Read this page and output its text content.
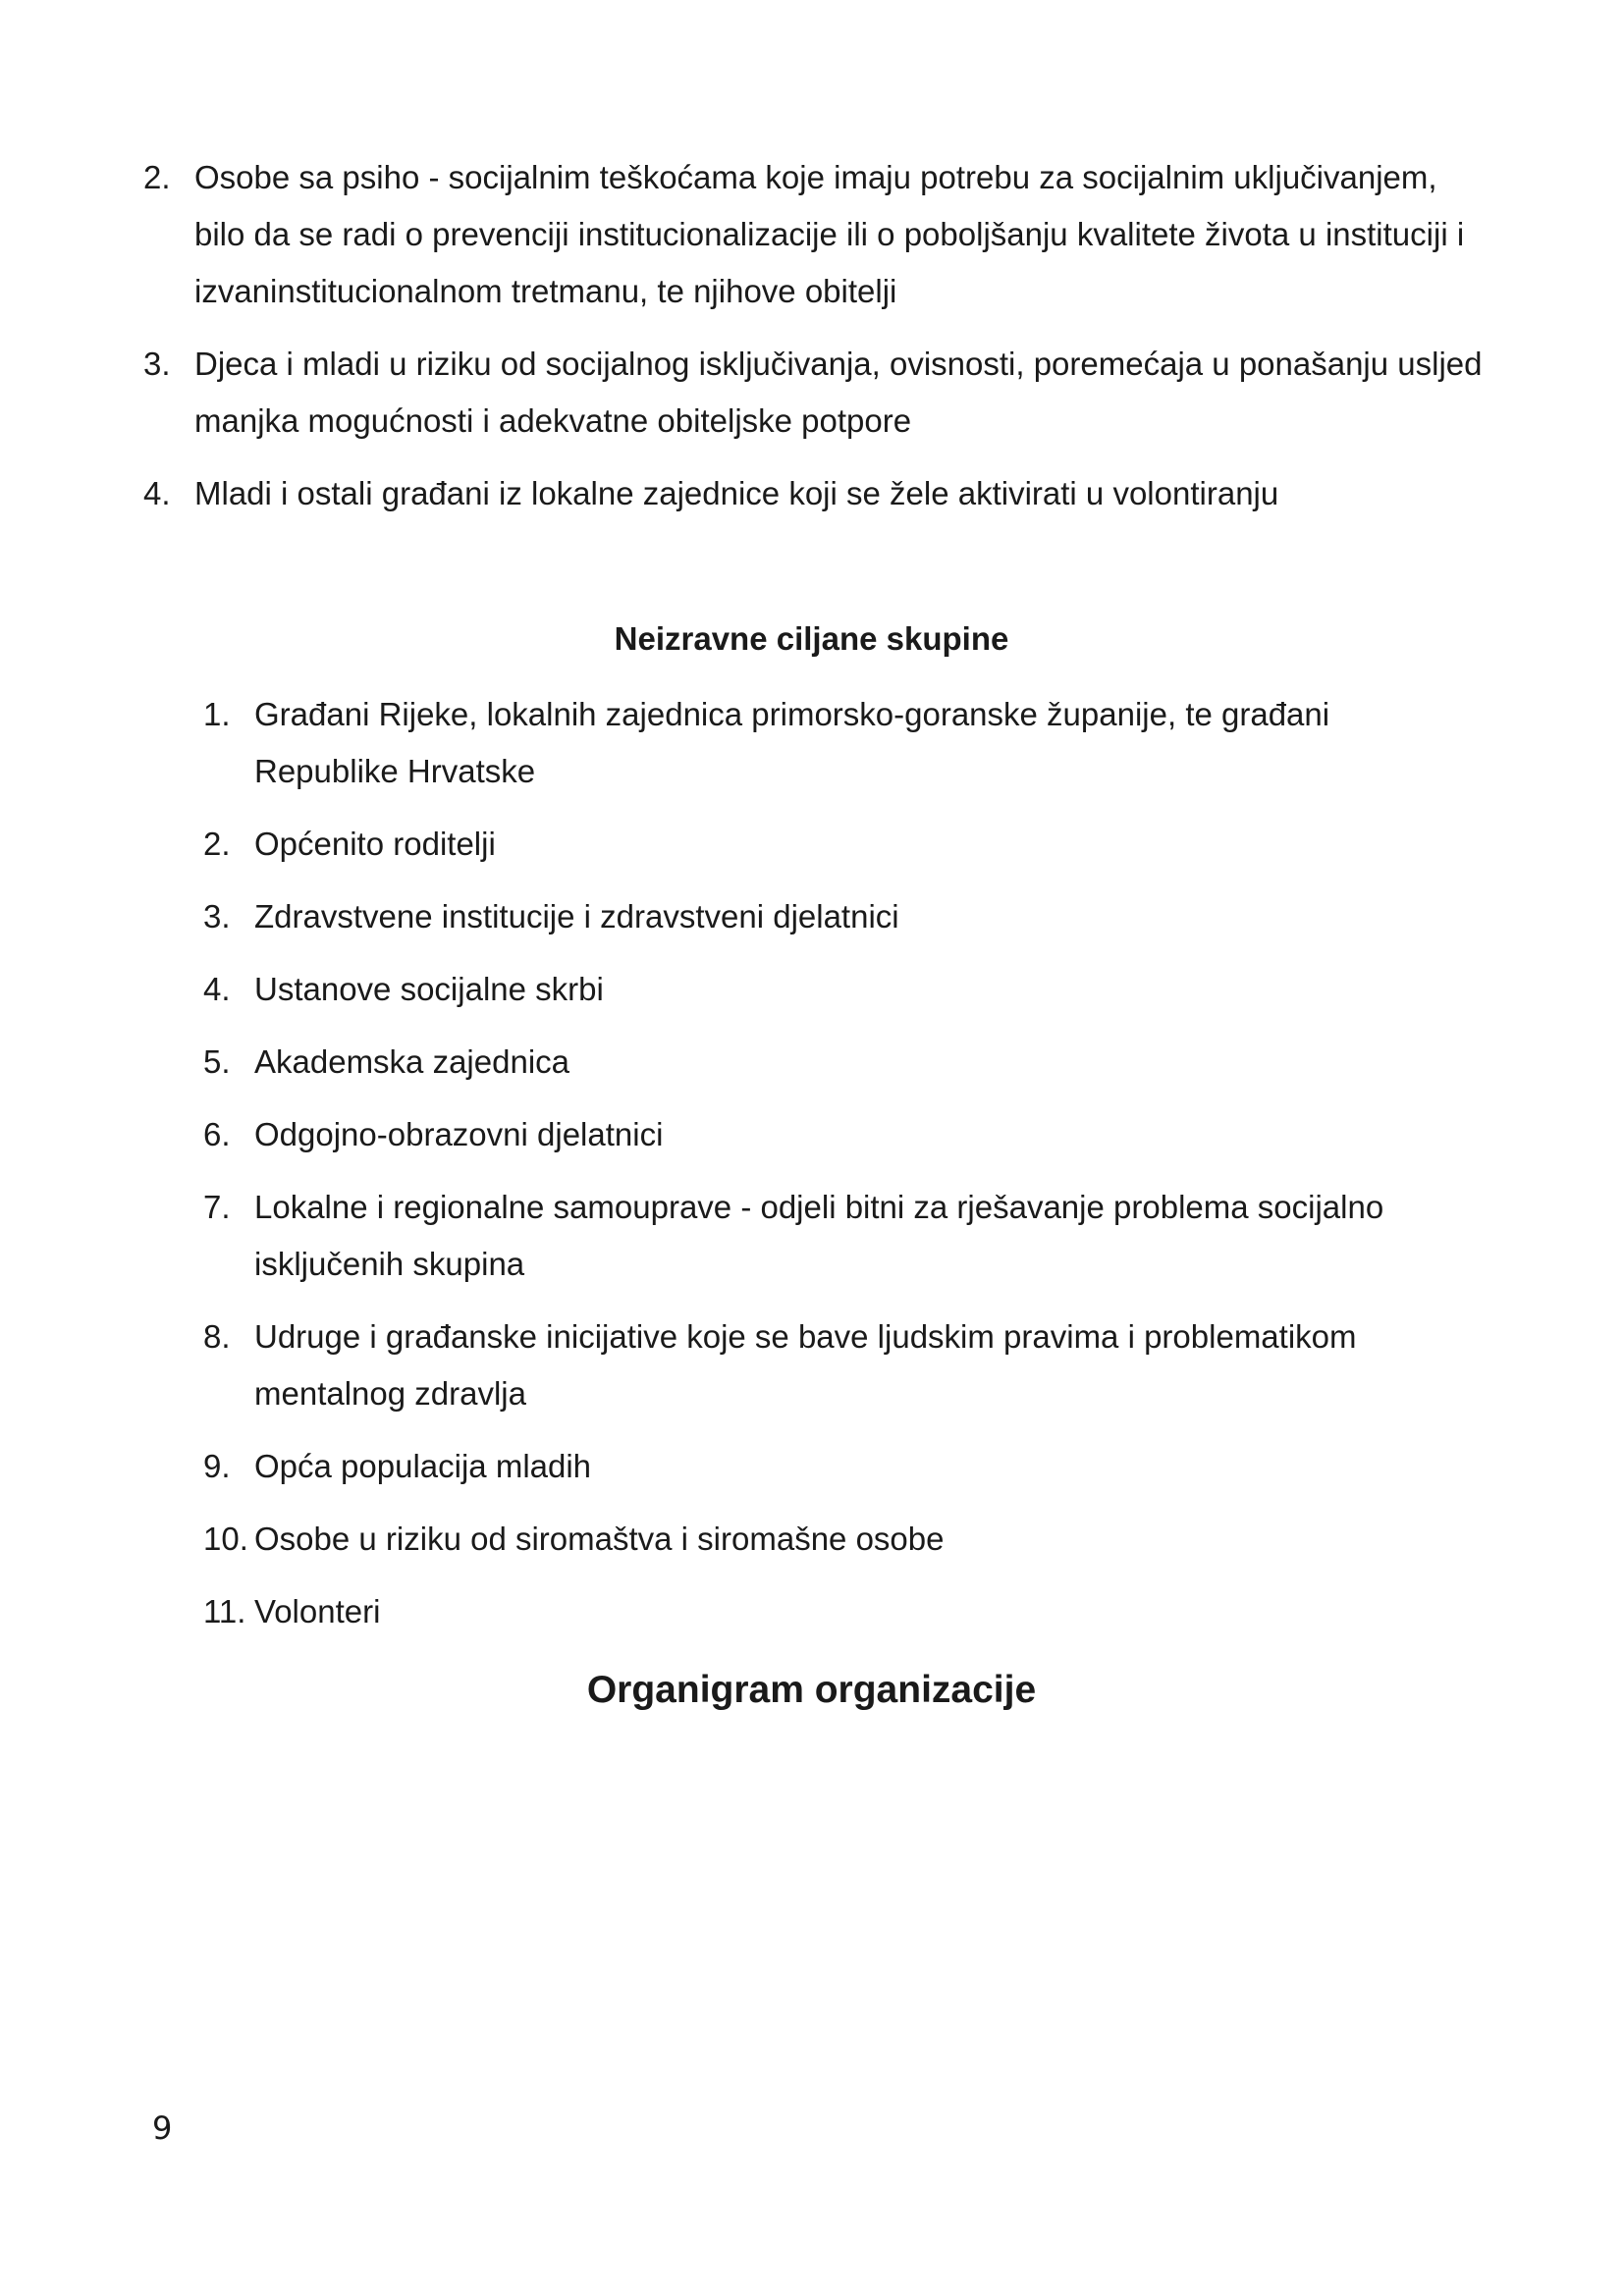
2. Osobe sa psiho - socijalnim teškoćama koje imaju potrebu za socijalnim uključivanjem, bilo da se radi o prevenciji institucionalizacije ili o poboljšanju kvalitete života u instituciji i izvaninstitucionalnom tretmanu, te njihove obitelji
3. Djeca i mladi u riziku od socijalnog isključivanja, ovisnosti, poremećaja u ponašanju usljed manjka mogućnosti i adekvatne obiteljske potpore
4. Mladi i ostali građani iz lokalne zajednice koji se žele aktivirati u volontiranju
Neizravne ciljane skupine
1. Građani Rijeke, lokalnih zajednica primorsko-goranske županije, te građani Republike Hrvatske
2. Općenito roditelji
3. Zdravstvene institucije i zdravstveni djelatnici
4. Ustanove socijalne skrbi
5. Akademska zajednica
6. Odgojno-obrazovni djelatnici
7. Lokalne i regionalne samouprave - odjeli bitni za rješavanje problema socijalno isključenih skupina
8. Udruge i građanske inicijative koje se bave ljudskim pravima i problematikom mentalnog zdravlja
9. Opća populacija mladih
10. Osobe u riziku od siromaštva i siromašne osobe
11. Volonteri
Organigram organizacije
9
